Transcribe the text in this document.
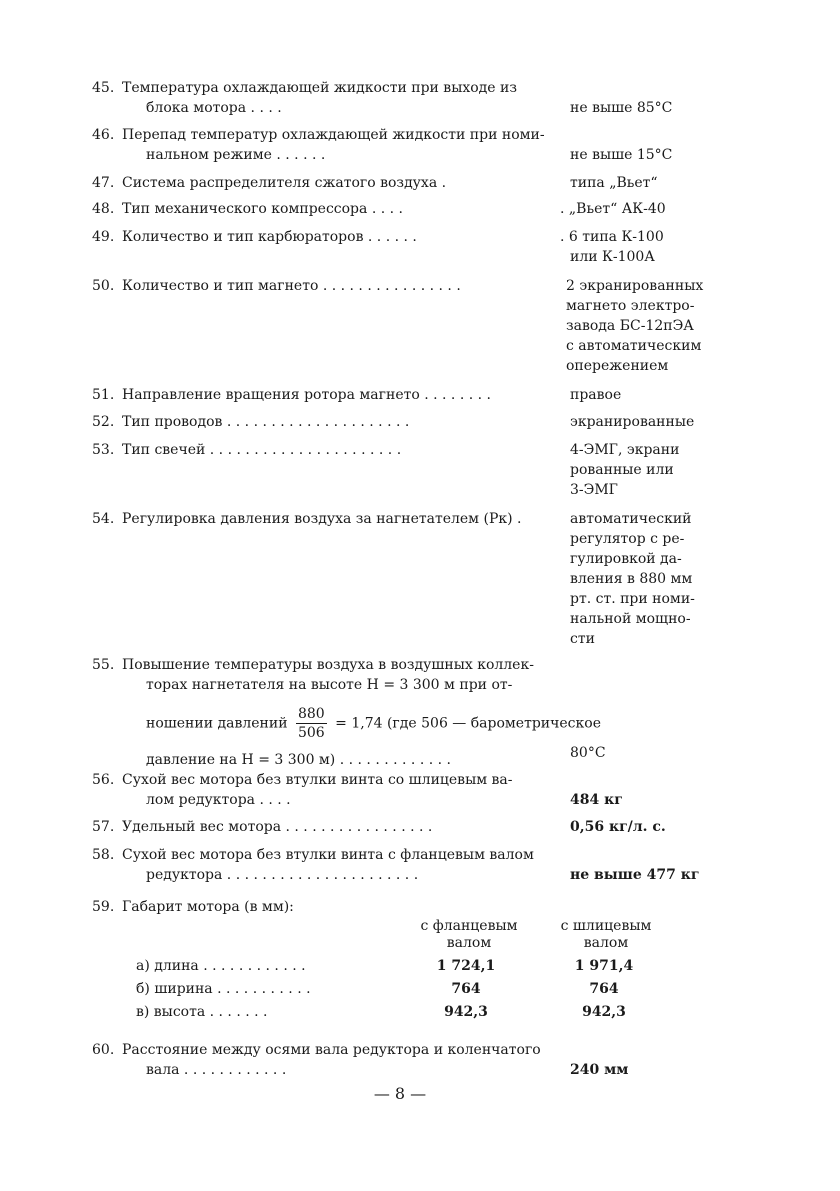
45. Температура охлаждающей жидкости при выходе из
блока мотора . . . .	не выше 85°С
46. Перепад температур охлаждающей жидкости при номи-
нальном режиме . . . . . .	не выше 15°С
47. Система распределителя сжатого воздуха .	типа „Вьет“
48. Тип механического компрессора . . . .	. „Вьет“ АК-40
49. Количество и тип карбюраторов . . . . . .	. 6 типа К-100
или К-100А
50. Количество и тип магнето . . . . . . . . . . . . . . . .	2 экранированных
магнето электро-
завода БС-12пЭА
с автоматическим
опережением
51. Направление вращения ротора магнето . . . . . . . .	правое
52. Тип проводов . . . . . . . . . . . . . . . . . . . . .	экранированные
53. Тип свечей . . . . . . . . . . . . . . . . . . . . . .	4-ЭМГ, экрани
рованные или
3-ЭМГ
54. Регулировка давления воздуха за нагнетателем (Pк) .	автоматический
регулятор с ре-
гулировкой да-
вления в 880 мм
рт. ст. при номи-
нальной мощно-
сти
55. Повышение температуры воздуха в воздушных коллек-
торах нагнетателя на высоте Н = 3 300 м при от-
ношении давлений $\frac{880}{506} = 1,74$ (где 506 — барометрическое
давление на Н = 3 300 м) . . . . . . . . . . . . .	80°С
56. Сухой вес мотора без втулки винта со шлицевым ва-
лом редуктора . . . .	484 кг
57. Удельный вес мотора . . . . . . . . . . . . . . . . .	0,56 кг/л. с.
58. Сухой вес мотора без втулки винта с фланцевым валом
редуктора . . . . . . . . . . . . . . . . . . . . . .	не выше 477 кг
59. Габарит мотора (в мм):
с фланцевым
валом
с шлицевым
валом
а) длина . . . . . . . . . . . .	1 724,1	1 971,4
б) ширина . . . . . . . . . . .	764	764
в) высота . . . . . . .	942,3	942,3
60. Расстояние между осями вала редуктора и коленчатого
вала . . . . . . . . . . . .	240 мм
— 8 —
